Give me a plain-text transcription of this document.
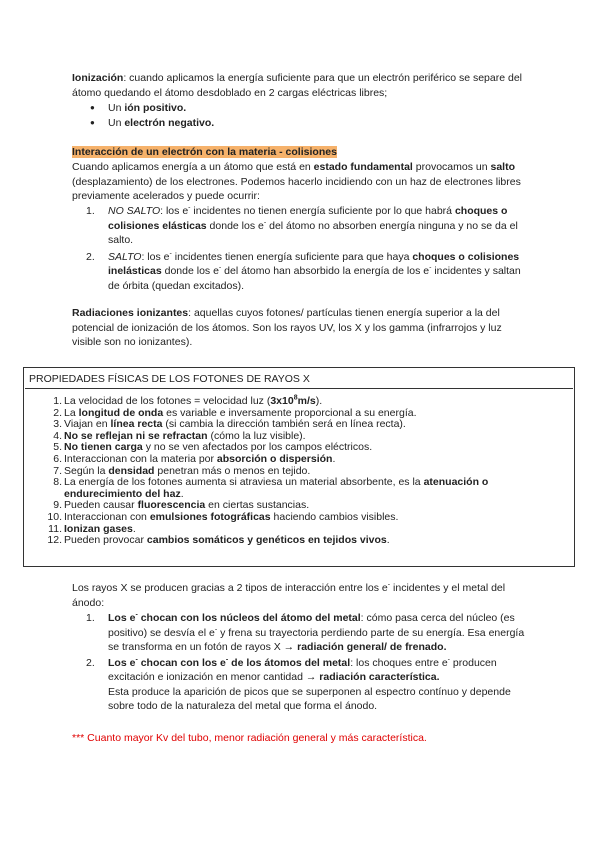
Ionización: cuando aplicamos la energía suficiente para que un electrón periférico se separe del átomo quedando el átomo desdoblado en 2 cargas eléctricas libres;

● Un ión positivo.
● Un electrón negativo.

Interacción de un electrón con la materia - colisiones

Cuando aplicamos energía a un átomo que está en estado fundamental provocamos un salto (desplazamiento) de los electrones. Podemos hacerlo incidiendo con un haz de electrones libres previamente acelerados y puede ocurrir:

1. NO SALTO: los e- incidentes no tienen energía suficiente por lo que habrá choques o colisiones elásticas donde los e- del átomo no absorben energía ninguna y no se da el salto.
2. SALTO: los e- incidentes tienen energía suficiente para que haya choques o colisiones inelásticas donde los e- del átomo han absorbido la energía de los e- incidentes y saltan de órbita (quedan excitados).

Radiaciones ionizantes: aquellas cuyos fotones/ partículas tienen energía superior a la del potencial de ionización de los átomos. Son los rayos UV, los X y los gamma (infrarrojos y luz visible son no ionizantes).

PROPIEDADES FÍSICAS DE LOS FOTONES DE RAYOS X
1. La velocidad de los fotones = velocidad luz $(3x10^8m/s)$.
2. La longitud de onda es variable e inversamente proporcional a su energía.
3. Viajan en línea recta (si cambia la dirección también será en línea recta).
4. No se reflejan ni se refractan (cómo la luz visible).
5. No tienen carga y no se ven afectados por los campos eléctricos.
6. Interaccionan con la materia por absorción o dispersión.
7. Según la densidad penetran más o menos en tejido.
8. La energía de los fotones aumenta si atraviesa un material absorbente, es la atenuación o endurecimiento del haz.
9. Pueden causar fluorescencia en ciertas sustancias.
10. Interaccionan con emulsiones fotográficas haciendo cambios visibles.
11. Ionizan gases.
12. Pueden provocar cambios somáticos y genéticos en tejidos vivos.

Los rayos X se producen gracias a 2 tipos de interacción entre los e- incidentes y el metal del ánodo:

1. Los e- chocan con los núcleos del átomo del metal: cómo pasa cerca del núcleo (es positivo) se desvía el e- y frena su trayectoria perdiendo parte de su energía. Esa energía se transforma en un fotón de rayos X → radiación general/ de frenado.
2. Los e- chocan con los e- de los átomos del metal: los choques entre e- producen excitación e ionización en menor cantidad → radiación característica.
Esta produce la aparición de picos que se superponen al espectro contínuo y depende sobre todo de la naturaleza del metal que forma el ánodo.

*** Cuanto mayor Kv del tubo, menor radiación general y más característica.
